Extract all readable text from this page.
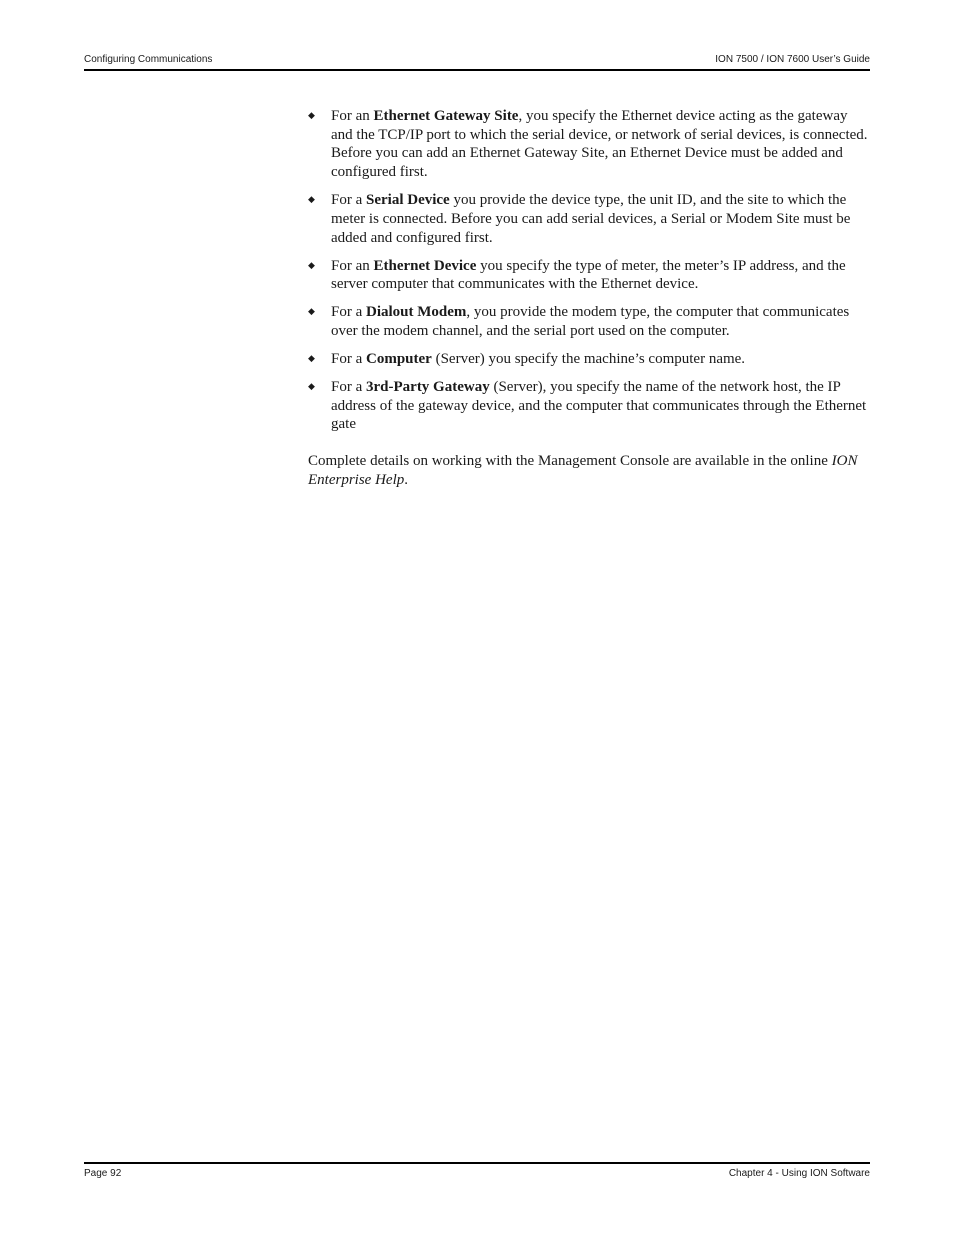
Configuring Communications	ION 7500 / ION 7600 User’s Guide
◆ For an Ethernet Gateway Site, you specify the Ethernet device acting as the gateway and the TCP/IP port to which the serial device, or network of serial devices, is connected. Before you can add an Ethernet Gateway Site, an Ethernet Device must be added and configured first.
◆ For a Serial Device you provide the device type, the unit ID, and the site to which the meter is connected. Before you can add serial devices, a Serial or Modem Site must be added and configured first.
◆ For an Ethernet Device you specify the type of meter, the meter’s IP address, and the server computer that communicates with the Ethernet device.
◆ For a Dialout Modem, you provide the modem type, the computer that communicates over the modem channel, and the serial port used on the computer.
◆ For a Computer (Server) you specify the machine’s computer name.
◆ For a 3rd-Party Gateway (Server), you specify the name of the network host, the IP address of the gateway device, and the computer that communicates through the Ethernet gate

Complete details on working with the Management Console are available in the online ION Enterprise Help.

Page 92	Chapter 4 - Using ION Software
